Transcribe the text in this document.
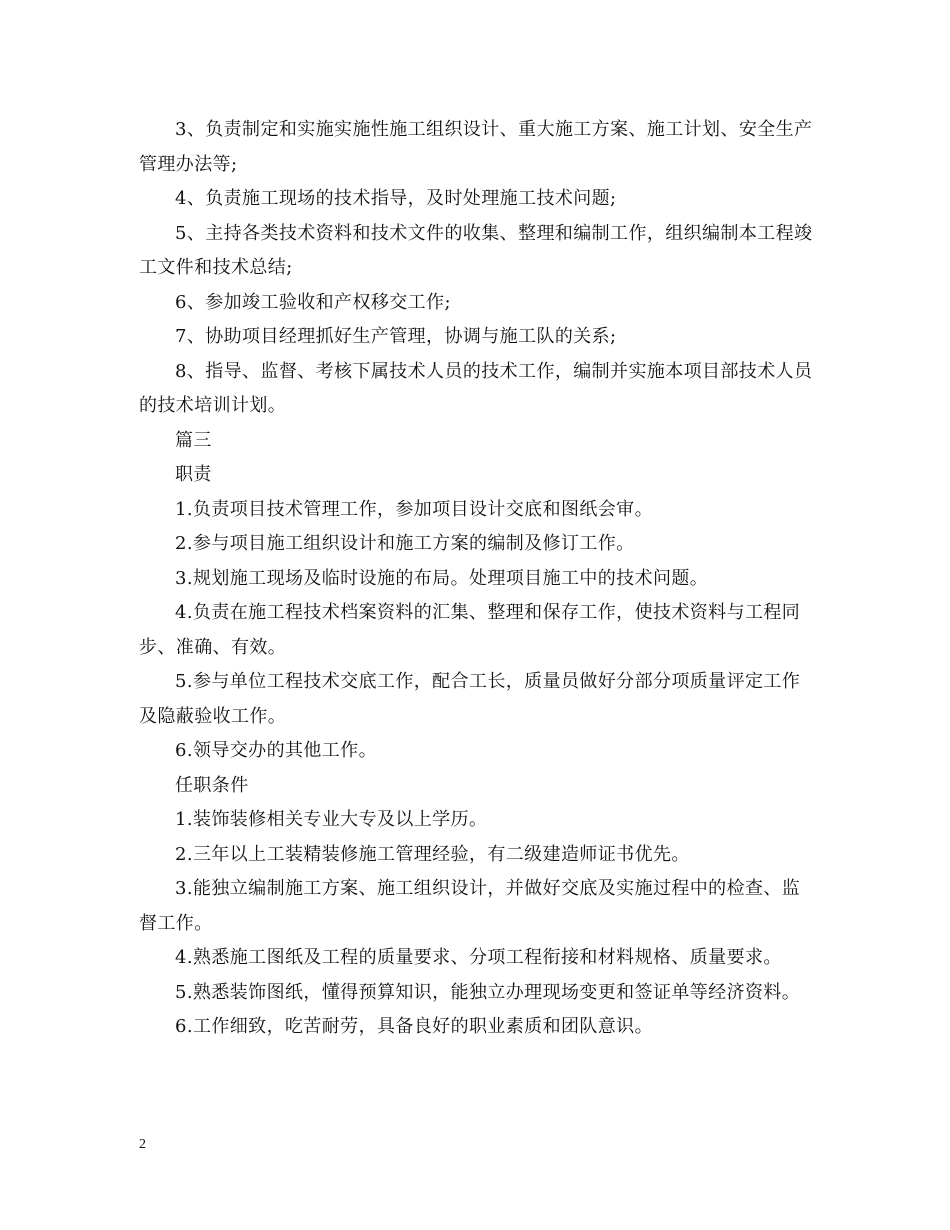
3、负责制定和实施实施性施工组织设计、重大施工方案、施工计划、安全生产管理办法等;

4、负责施工现场的技术指导，及时处理施工技术问题;

5、主持各类技术资料和技术文件的收集、整理和编制工作，组织编制本工程竣工文件和技术总结;

6、参加竣工验收和产权移交工作;

7、协助项目经理抓好生产管理，协调与施工队的关系;

8、指导、监督、考核下属技术人员的技术工作，编制并实施本项目部技术人员的技术培训计划。

篇三

职责

1.负责项目技术管理工作，参加项目设计交底和图纸会审。

2.参与项目施工组织设计和施工方案的编制及修订工作。

3.规划施工现场及临时设施的布局。处理项目施工中的技术问题。

4.负责在施工程技术档案资料的汇集、整理和保存工作，使技术资料与工程同步、准确、有效。

5.参与单位工程技术交底工作，配合工长，质量员做好分部分项质量评定工作及隐蔽验收工作。

6.领导交办的其他工作。

任职条件

1.装饰装修相关专业大专及以上学历。

2.三年以上工装精装修施工管理经验，有二级建造师证书优先。

3.能独立编制施工方案、施工组织设计，并做好交底及实施过程中的检查、监督工作。

4.熟悉施工图纸及工程的质量要求、分项工程衔接和材料规格、质量要求。

5.熟悉装饰图纸，懂得预算知识，能独立办理现场变更和签证单等经济资料。

6.工作细致，吃苦耐劳，具备良好的职业素质和团队意识。

2
